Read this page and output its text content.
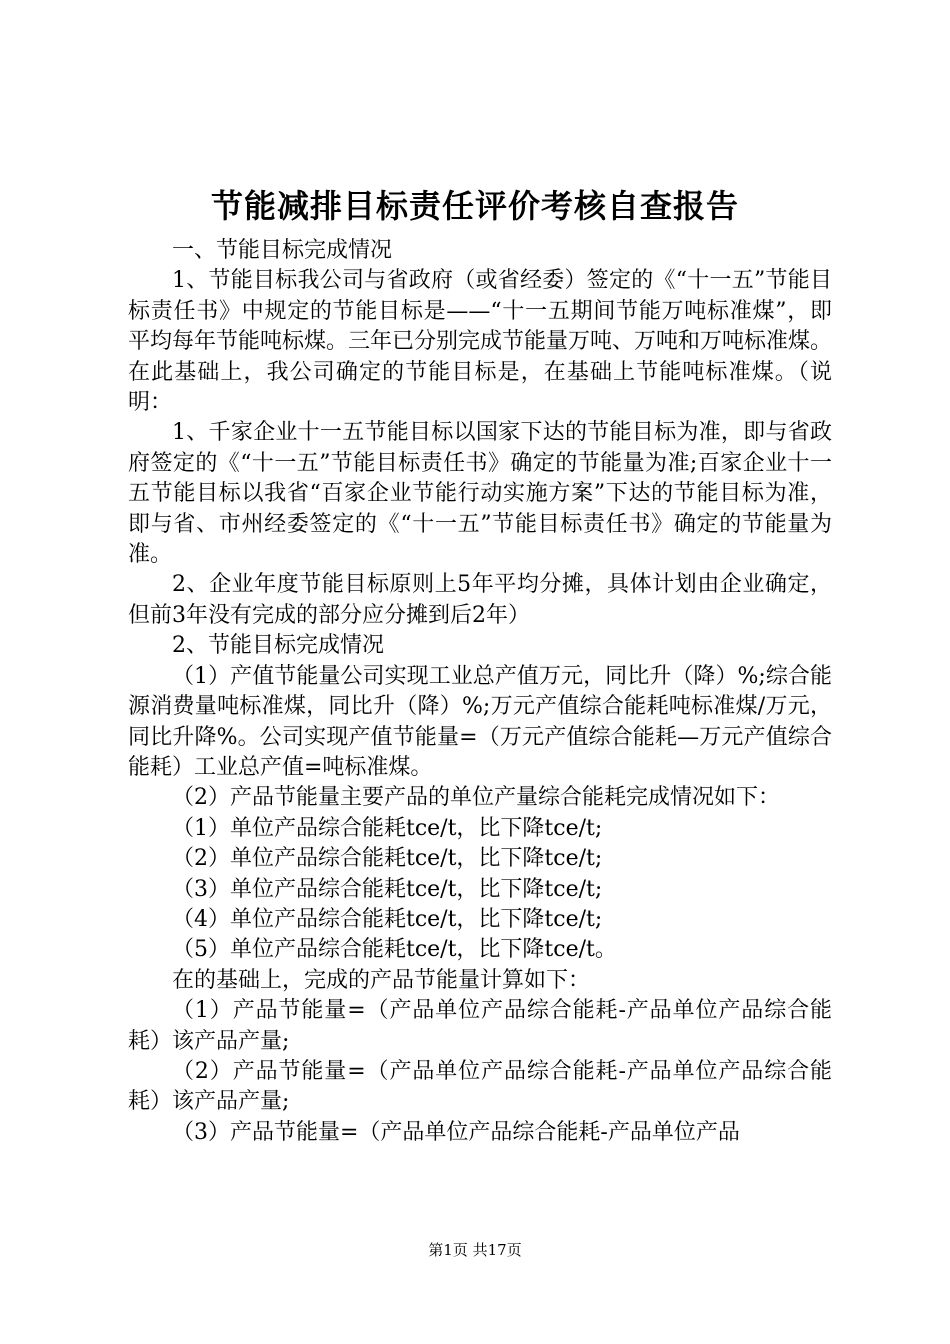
节能减排目标责任评价考核自查报告

一、节能目标完成情况

1、节能目标我公司与省政府（或省经委）签定的《“十一五”节能目标责任书》中规定的节能目标是——“十一五期间节能万吨标准煤”，即平均每年节能吨标煤。三年已分别完成节能量万吨、万吨和万吨标准煤。在此基础上，我公司确定的节能目标是，在基础上节能吨标准煤。（说明：

1、千家企业十一五节能目标以国家下达的节能目标为准，即与省政府签定的《“十一五”节能目标责任书》确定的节能量为准;百家企业十一五节能目标以我省“百家企业节能行动实施方案”下达的节能目标为准，即与省、市州经委签定的《“十一五”节能目标责任书》确定的节能量为准。

2、企业年度节能目标原则上5年平均分摊，具体计划由企业确定，但前3年没有完成的部分应分摊到后2年）

2、节能目标完成情况

（1）产值节能量公司实现工业总产值万元，同比升（降）%;综合能源消费量吨标准煤，同比升（降）%;万元产值综合能耗吨标准煤/万元，同比升降%。公司实现产值节能量=（万元产值综合能耗—万元产值综合能耗）工业总产值=吨标准煤。

（2）产品节能量主要产品的单位产量综合能耗完成情况如下：

（1）单位产品综合能耗tce/t，比下降tce/t;

（2）单位产品综合能耗tce/t，比下降tce/t;

（3）单位产品综合能耗tce/t，比下降tce/t;

（4）单位产品综合能耗tce/t，比下降tce/t;

（5）单位产品综合能耗tce/t，比下降tce/t。

在的基础上，完成的产品节能量计算如下：

（1）产品节能量=（产品单位产品综合能耗-产品单位产品综合能耗）该产品产量;

（2）产品节能量=（产品单位产品综合能耗-产品单位产品综合能耗）该产品产量;

（3）产品节能量=（产品单位产品综合能耗-产品单位产品

第1页 共17页
